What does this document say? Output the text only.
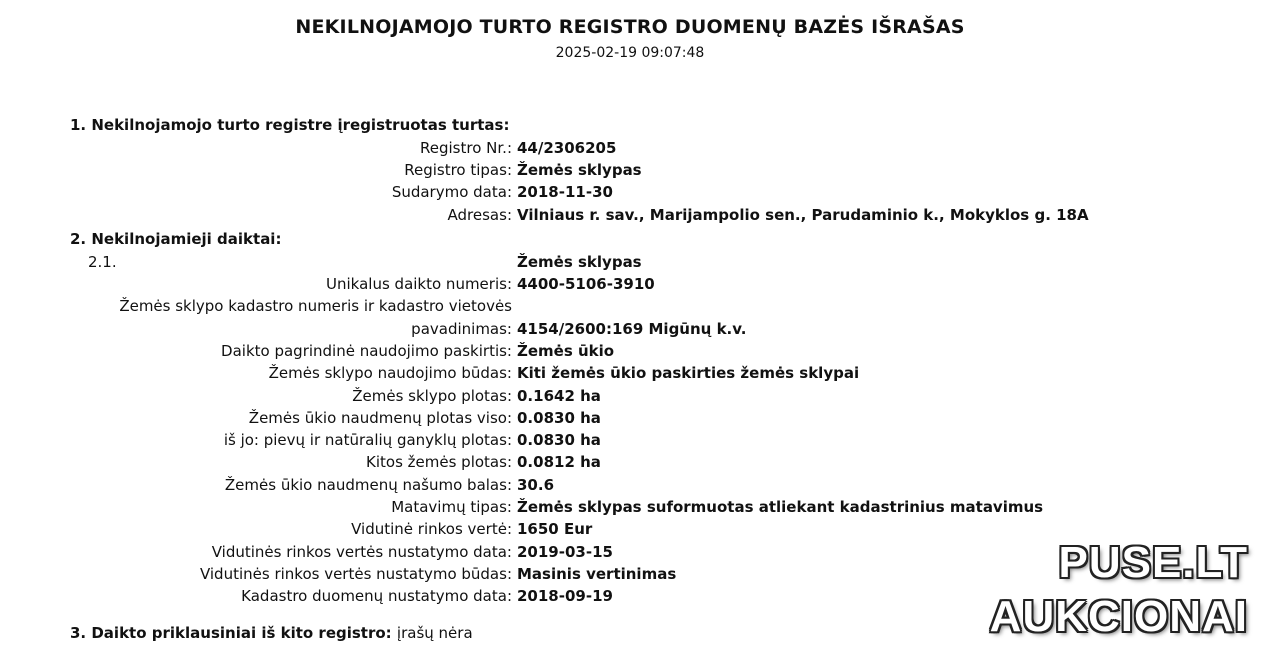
NEKILNOJAMOJO TURTO REGISTRO DUOMENŲ BAZĖS IŠRAŠAS
2025-02-19 09:07:48
1. Nekilnojamojo turto registre įregistruotas turtas:
Registro Nr.: 44/2306205
Registro tipas: Žemės sklypas
Sudarymo data: 2018-11-30
Adresas: Vilniaus r. sav., Marijampolio sen., Parudaminio k., Mokyklos g. 18A
2. Nekilnojamieji daiktai:
2.1.	Žemės sklypas
Unikalus daikto numeris: 4400-5106-3910
Žemės sklypo kadastro numeris ir kadastro vietovės
pavadinimas: 4154/2600:169 Migūnų k.v.
Daikto pagrindinė naudojimo paskirtis: Žemės ūkio
Žemės sklypo naudojimo būdas: Kiti žemės ūkio paskirties žemės sklypai
Žemės sklypo plotas: 0.1642 ha
Žemės ūkio naudmenų plotas viso: 0.0830 ha
iš jo: pievų ir natūralių ganyklų plotas: 0.0830 ha
Kitos žemės plotas: 0.0812 ha
Žemės ūkio naudmenų našumo balas: 30.6
Matavimų tipas: Žemės sklypas suformuotas atliekant kadastrinius matavimus
Vidutinė rinkos vertė: 1650 Eur
Vidutinės rinkos vertės nustatymo data: 2019-03-15
Vidutinės rinkos vertės nustatymo būdas: Masinis vertinimas
Kadastro duomenų nustatymo data: 2018-09-19
3. Daikto priklausiniai iš kito registro: įrašų nėra
PUSE.LT
AUKCIONAI
